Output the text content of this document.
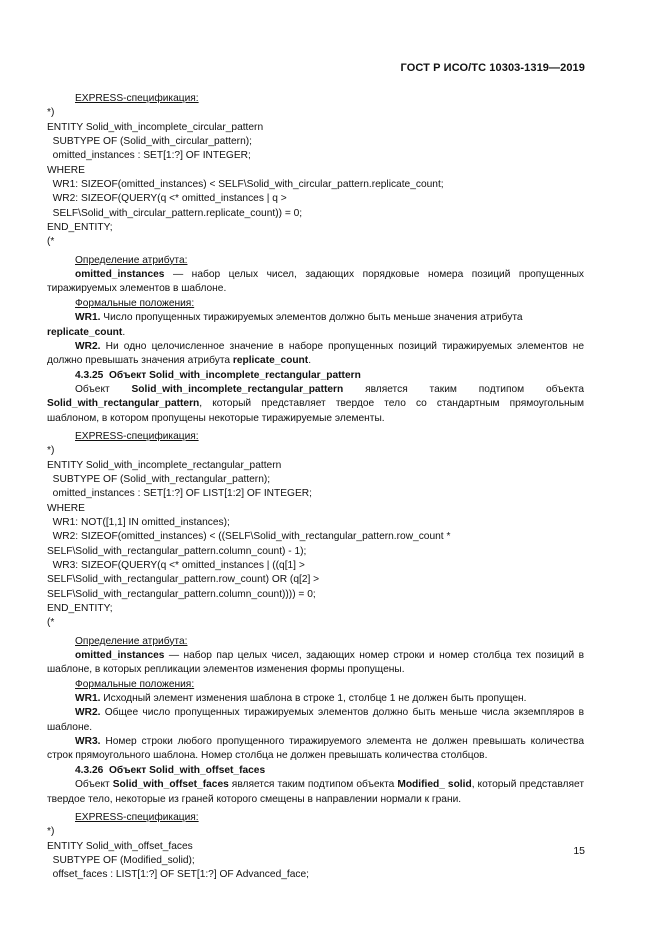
ГОСТ Р ИСО/ТС 10303-1319—2019
EXPRESS-спецификация:
*)
ENTITY Solid_with_incomplete_circular_pattern
SUBTYPE OF (Solid_with_circular_pattern);
omitted_instances : SET[1:?] OF INTEGER;
WHERE
WR1: SIZEOF(omitted_instances) < SELF\Solid_with_circular_pattern.replicate_count;
WR2: SIZEOF(QUERY(q <* omitted_instances | q >
SELF\Solid_with_circular_pattern.replicate_count)) = 0;
END_ENTITY;
(*
Определение атрибута:
omitted_instances — набор целых чисел, задающих порядковые номера позиций пропущенных тиражируемых элементов в шаблоне.
Формальные положения:
WR1. Число пропущенных тиражируемых элементов должно быть меньше значения атрибута
replicate_count.
WR2. Ни одно целочисленное значение в наборе пропущенных позиций тиражируемых элементов не должно превышать значения атрибута replicate_count.
4.3.25  Объект Solid_with_incomplete_rectangular_pattern
Объект Solid_with_incomplete_rectangular_pattern является таким подтипом объекта Solid_with_rectangular_pattern, который представляет твердое тело со стандартным прямоугольным шаблоном, в котором пропущены некоторые тиражируемые элементы.
EXPRESS-спецификация:
*)
ENTITY Solid_with_incomplete_rectangular_pattern
SUBTYPE OF (Solid_with_rectangular_pattern);
omitted_instances : SET[1:?] OF LIST[1:2] OF INTEGER;
WHERE
WR1: NOT([1,1] IN omitted_instances);
WR2: SIZEOF(omitted_instances) < ((SELF\Solid_with_rectangular_pattern.row_count *
SELF\Solid_with_rectangular_pattern.column_count) - 1);
WR3: SIZEOF(QUERY(q <* omitted_instances | ((q[1] >
SELF\Solid_with_rectangular_pattern.row_count) OR (q[2] >
SELF\Solid_with_rectangular_pattern.column_count)))) = 0;
END_ENTITY;
(*
Определение атрибута:
omitted_instances — набор пар целых чисел, задающих номер строки и номер столбца тех позиций в шаблоне, в которых репликации элементов изменения формы пропущены.
Формальные положения:
WR1. Исходный элемент изменения шаблона в строке 1, столбце 1 не должен быть пропущен.
WR2. Общее число пропущенных тиражируемых элементов должно быть меньше числа экземпляров в шаблоне.
WR3. Номер строки любого пропущенного тиражируемого элемента не должен превышать количества строк прямоугольного шаблона. Номер столбца не должен превышать количества столбцов.
4.3.26  Объект Solid_with_offset_faces
Объект Solid_with_offset_faces является таким подтипом объекта Modified_ solid, который представляет твердое тело, некоторые из граней которого смещены в направлении нормали к грани.
EXPRESS-спецификация:
*)
ENTITY Solid_with_offset_faces
SUBTYPE OF (Modified_solid);
offset_faces : LIST[1:?] OF SET[1:?] OF Advanced_face;
15
